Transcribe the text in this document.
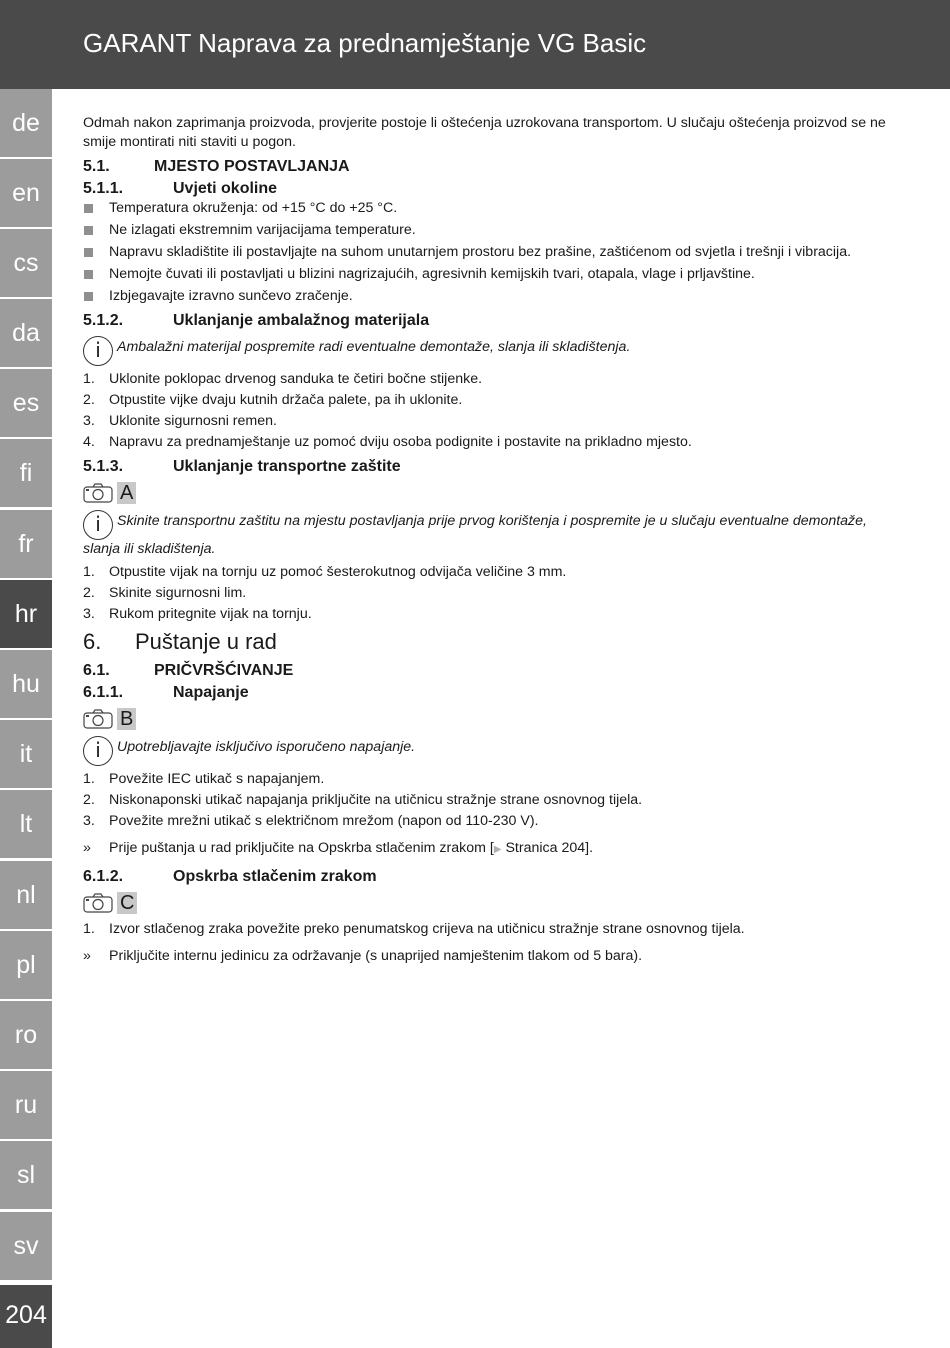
GARANT Naprava za prednamještanje VG Basic
de
en
cs
da
es
fi
fr
hr
hu
it
lt
nl
pl
ro
ru
sl
sv
204

Odmah nakon zaprimanja proizvoda, provjerite postoje li oštećenja uzrokovana transportom. U slučaju oštećenja proizvod se ne smije montirati niti staviti u pogon.

5.1.	MJESTO POSTAVLJANJA
5.1.1.	Uvjeti okoline
Temperatura okruženja: od +15 °C do +25 °C.
Ne izlagati ekstremnim varijacijama temperature.
Napravu skladištite ili postavljajte na suhom unutarnjem prostoru bez prašine, zaštićenom od svjetla i trešnji i vibracija.
Nemojte čuvati ili postavljati u blizini nagrizajućih, agresivnih kemijskih tvari, otapala, vlage i prljavštine.
Izbjegavajte izravno sunčevo zračenje.
5.1.2.	Uklanjanje ambalažnog materijala

i Ambalažni materijal pospremite radi eventualne demontaže, slanja ili skladištenja.

1. Uklonite poklopac drvenog sanduka te četiri bočne stijenke.
2. Otpustite vijke dvaju kutnih držača palete, pa ih uklonite.
3. Uklonite sigurnosni remen.
4. Napravu za prednamještanje uz pomoć dviju osoba podignite i postavite na prikladno mjesto.
5.1.3.	Uklanjanje transportne zaštite
A

i Skinite transportnu zaštitu na mjestu postavljanja prije prvog korištenja i pospremite je u slučaju eventualne demontaže, slanja ili skladištenja.

1. Otpustite vijak na tornju uz pomoć šesterokutnog odvijača veličine 3 mm.
2. Skinite sigurnosni lim.
3. Rukom pritegnite vijak na tornju.
6.	Puštanje u rad
6.1.	PRIČVRŠĆIVANJE
6.1.1.	Napajanje
B

i Upotrebljavajte isključivo isporučeno napajanje.

1. Povežite IEC utikač s napajanjem.
2. Niskonaponski utikač napajanja priključite na utičnicu stražnje strane osnovnog tijela.
3. Povežite mrežni utikač s električnom mrežom (napon od 110-230 V).
»	Prije puštanja u rad priključite na Opskrba stlačenim zrakom [▶ Stranica 204].
6.1.2.	Opskrba stlačenim zrakom
C
1. Izvor stlačenog zraka povežite preko penumatskog crijeva na utičnicu stražnje strane osnovnog tijela.
»	Priključite internu jedinicu za održavanje (s unaprijed namještenim tlakom od 5 bara).
